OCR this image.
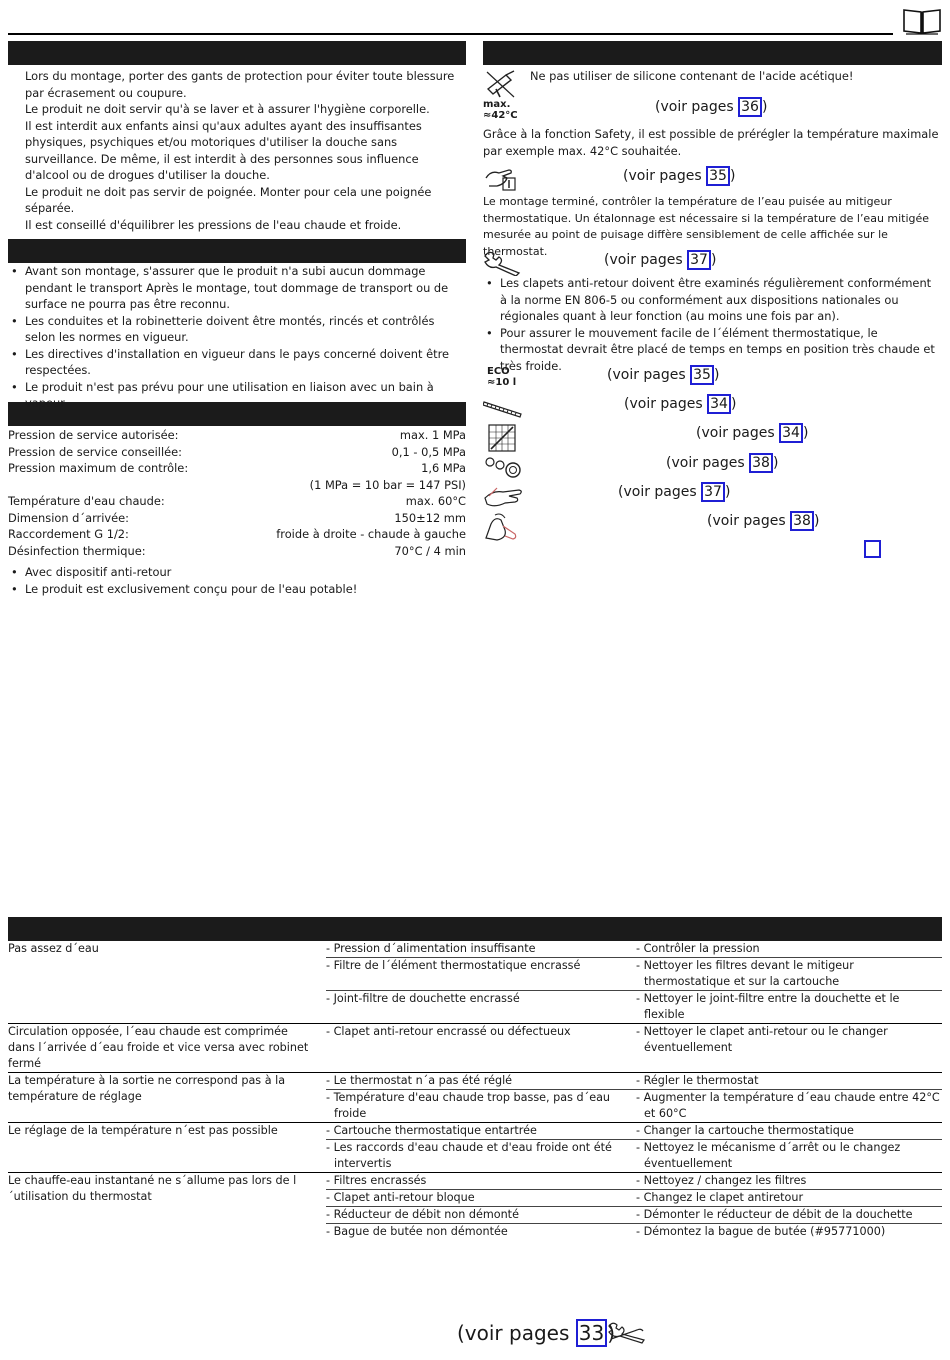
Lors du montage, porter des gants de protection pour éviter toute blessure par écrasement ou coupure.

Le produit ne doit servir qu'à se laver et à assurer l'hygiène corporelle.

Il est interdit aux enfants ainsi qu'aux adultes ayant des insuffisantes physiques, psychiques et/ou motoriques d'utiliser la douche sans surveillance. De même, il est interdit à des personnes sous influence d'alcool ou de drogues d'utiliser la douche.

Le produit ne doit pas servir de poignée. Monter pour cela une poignée séparée.

Il est conseillé d'équilibrer les pressions de l'eau chaude et froide.

• Avant son montage, s'assurer que le produit n'a subi aucun dommage pendant le transport Après le montage, tout dommage de transport ou de surface ne pourra pas être reconnu.
• Les conduites et la robinetterie doivent être montés, rincés et contrôlés selon les normes en vigueur.
• Les directives d'installation en vigueur dans le pays concerné doivent être respectées.
• Le produit n'est pas prévu pour une utilisation en liaison avec un bain à vapeur
Pression de service autorisée:	max. 1 MPa
Pression de service conseillée:	0,1 - 0,5 MPa
Pression maximum de contrôle:	1,6 MPa
(1 MPa = 10 bar = 147 PSI)
Température d'eau chaude:	max. 60°C
Dimension d´arrivée:	150±12 mm
Raccordement G 1/2:	froide à droite - chaude à gauche
Désinfection thermique:	70°C / 4 min
• Avec dispositif anti-retour
• Le produit est exclusivement conçu pour de l'eau potable!
Ne pas utiliser de silicone contenant de l'acide acétique!
max.
≈42°C
(voir pages 36 )
Grâce à la fonction Safety, il est possible de prérégler la température maximale par exemple max. 42°C souhaitée.
(voir pages 35 )
Le montage terminé, contrôler la température de l’eau puisée au mitigeur thermostatique. Un étalonnage est nécessaire si la température de l’eau mitigée mesurée au point de puisage diffère sensiblement de celle affichée sur le thermostat.
(voir pages 37 )
• Les clapets anti-retour doivent être examinés régulièrement conformément à la norme EN 806-5 ou conformément aux dispositions nationales ou régionales quant à leur fonction (au moins une fois par an).
• Pour assurer le mouvement facile de l´élément thermostatique, le thermostat devrait être placé de temps en temps en position très chaude et très froide.
ECO
≈10 l	(voir pages 35 )
(voir pages 34 )
(voir pages 34 )
(voir pages 38 )
(voir pages 37 )
(voir pages 38 )
Pas assez d´eau	- Pression d´alimentation insuffisante	- Contrôler la pression

	- Filtre de l´élément thermostatique encrassé	- Nettoyer les filtres devant le mitigeur thermostatique et sur la cartouche

	- Joint-filtre de douchette encrassé	- Nettoyer le joint-filtre entre la douchette et le flexible

Circulation opposée, l´eau chaude est comprimée dans l´arrivée d´eau froide et vice versa avec robinet fermé	- Clapet anti-retour encrassé ou défectueux	- Nettoyer le clapet anti-retour ou le changer éventuellement

La température à la sortie ne correspond pas à la température de réglage	- Le thermostat n´a pas été réglé	- Régler le thermostat

	- Température d'eau chaude trop basse, pas d´eau froide	- Augmenter la température d´eau chaude entre 42°C et 60°C

Le réglage de la température n´est pas possible	- Cartouche thermostatique entartrée	- Changer la cartouche thermostatique

	- Les raccords d'eau chaude et d'eau froide ont été intervertis	- Nettoyez le mécanisme d´arrêt ou le changez éventuellement

Le chauffe-eau instantané ne s´allume pas lors de l´utilisation du thermostat	- Filtres encrassés	- Nettoyez / changez les filtres

	- Clapet anti-retour bloque	- Changez le clapet antiretour

	- Réducteur de débit non démonté	- Démonter le réducteur de débit de la douchette

	- Bague de butée non démontée	- Démontez la bague de butée (#95771000)
(voir pages 33 )
